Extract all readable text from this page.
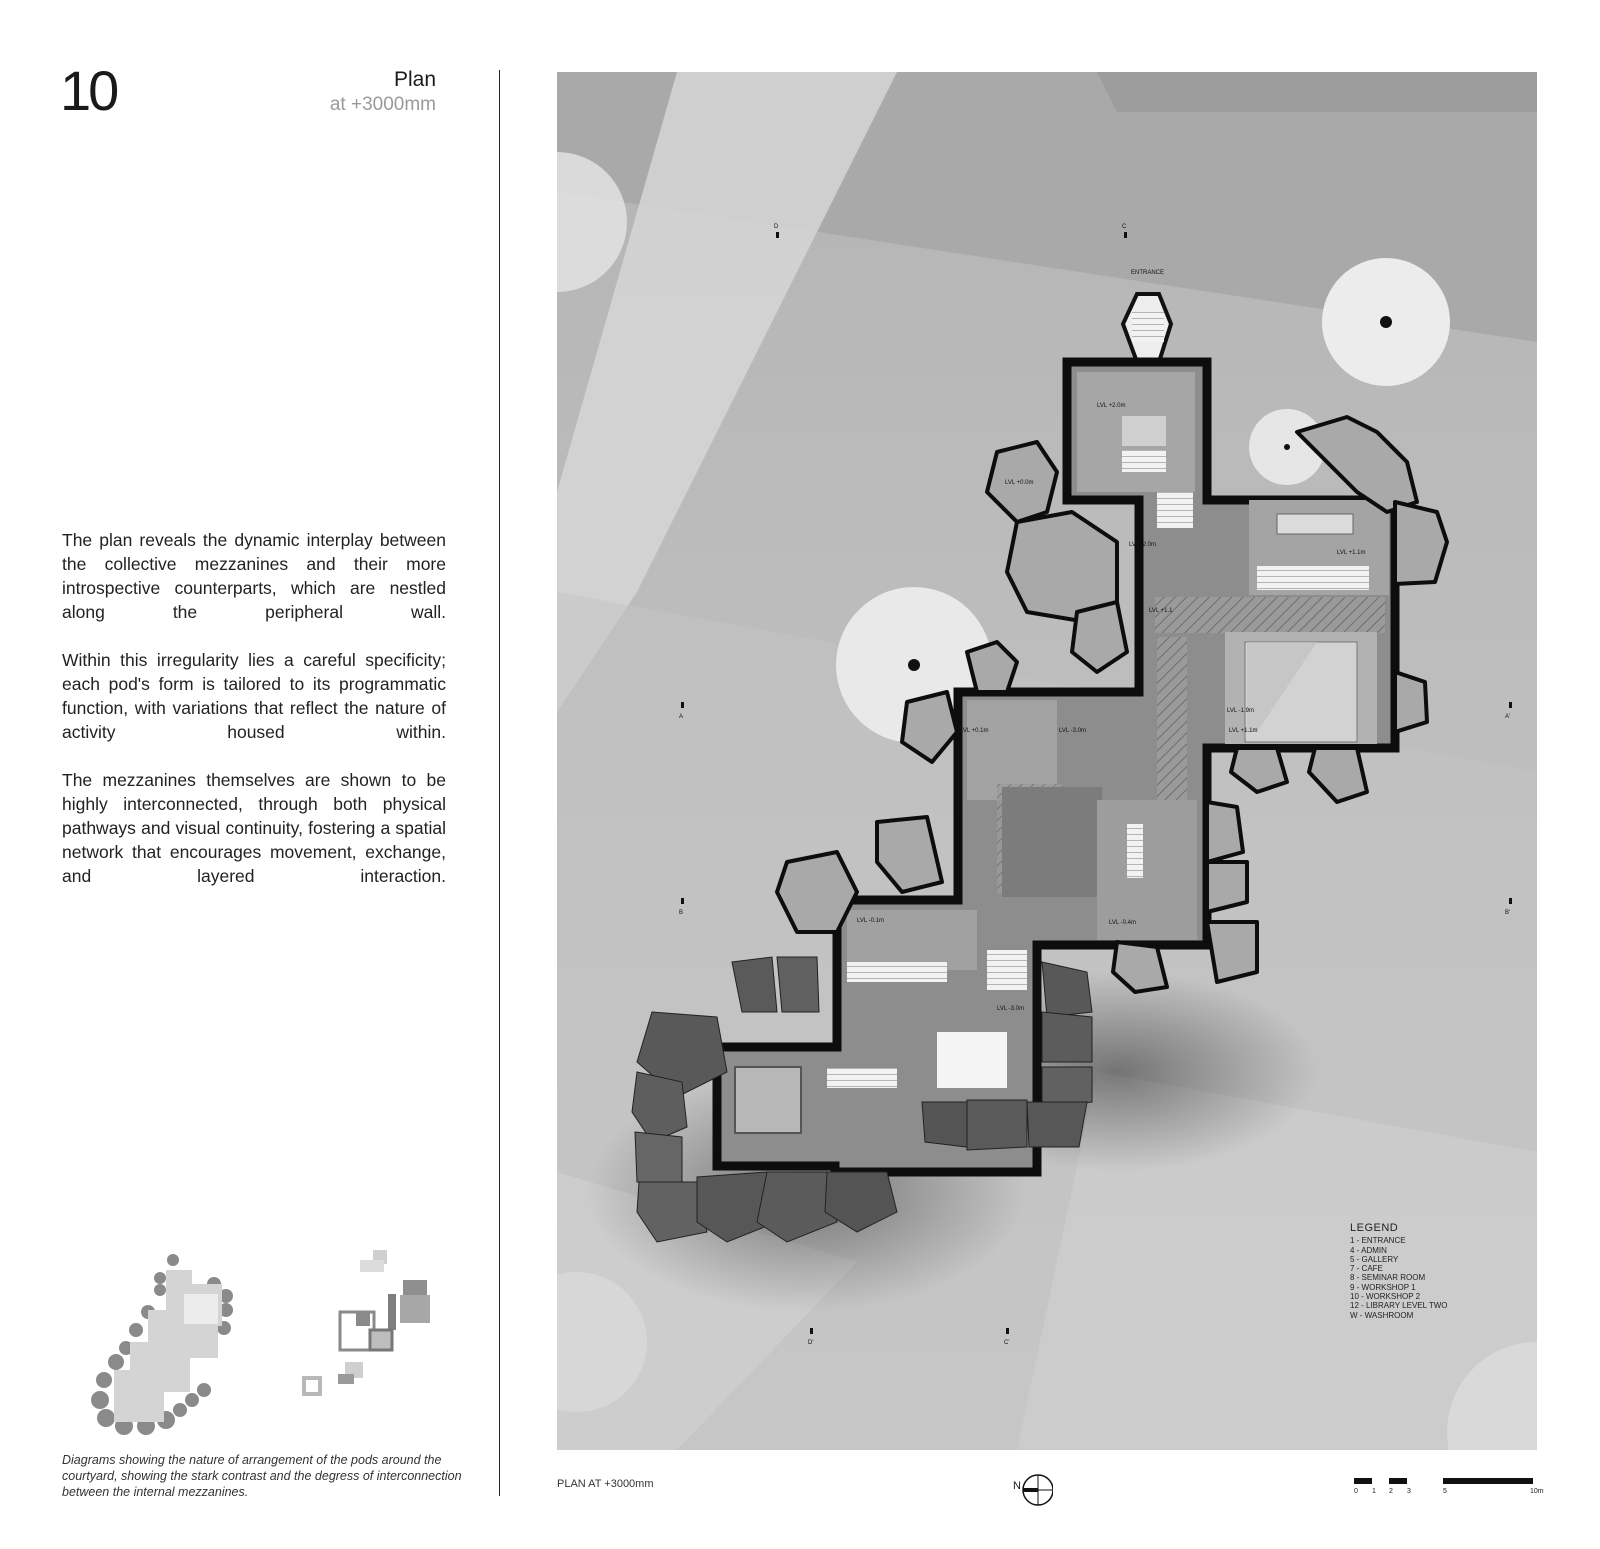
10	Plan
at +3000mm

The plan reveals the dynamic interplay between the collective mezzanines and their more introspective counterparts, which are nestled along the peripheral wall.

Within this irregularity lies a careful specificity; each pod's form is tailored to its programmatic function, with variations that reflect the nature of activity housed within.

The mezzanines themselves are shown to be highly interconnected, through both physical pathways and visual continuity, fostering a spatial network that encourages movement, exchange, and layered interaction.

Diagrams showing the nature of arrangement of the pods around the courtyard, showing the stark contrast and the degress of interconnection between the internal mezzanines.
ENTRANCE
LVL +2.0m
LVL +0.0m
LVL +1.1m
LVL -1.9m
LVL +0.1m
LVL -0.1m	LVL -0.4m
LVL -2.0m
LVL +1.1
LVL -3.0m	LVL +1.1m
LVL -3.0m
D	C
A	A'
B	B'
D'	C'
LEGEND
1 - ENTRANCE
4 - ADMIN
5 - GALLERY
7 - CAFE
8 - SEMINAR ROOM
9 - WORKSHOP 1
10 - WORKSHOP 2
12 - LIBRARY LEVEL TWO
W - WASHROOM
PLAN AT +3000mm	N	0 1 2 3	5	10m
